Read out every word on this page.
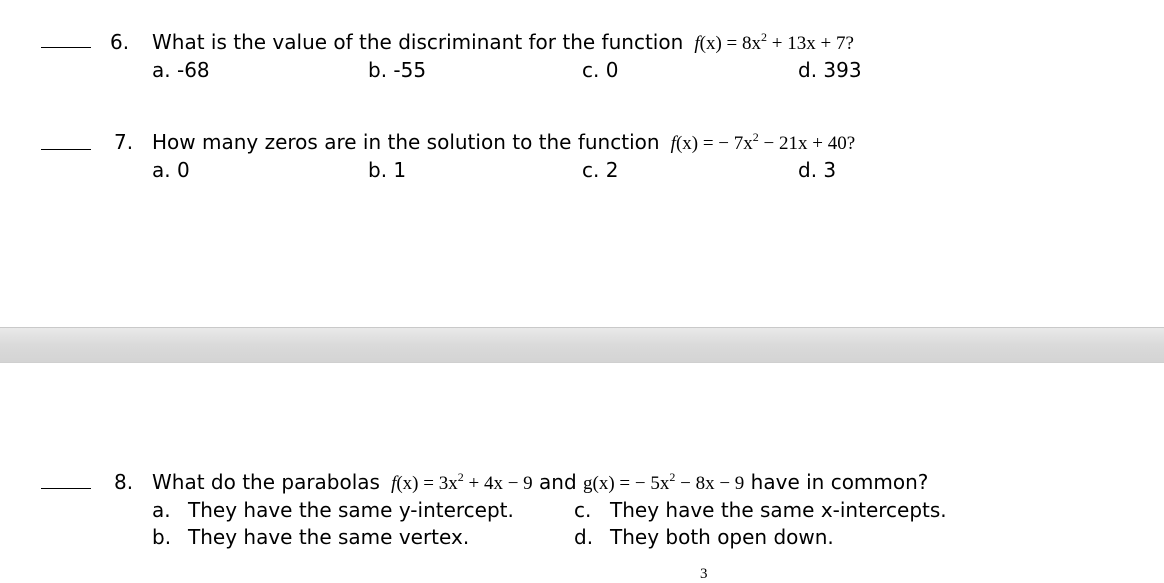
6. What is the value of the discriminant for the function $f(x) = 8x^2 + 13x + 7$?
a. -68	b. -55	c. 0	d. 393
7. How many zeros are in the solution to the function f(x) = − $7x^2 - 21x + 40$?
a. 0	b. 1	c. 2	d. 3
8. What do the parabolas $f(x) = 3x^2 + 4x - 9$ and g(x) = − $5x^2 - 8x - 9$ have in common?
a. They have the same y-intercept.
b. They have the same vertex.
c. They have the same x-intercepts.
d. They both open down.
3
